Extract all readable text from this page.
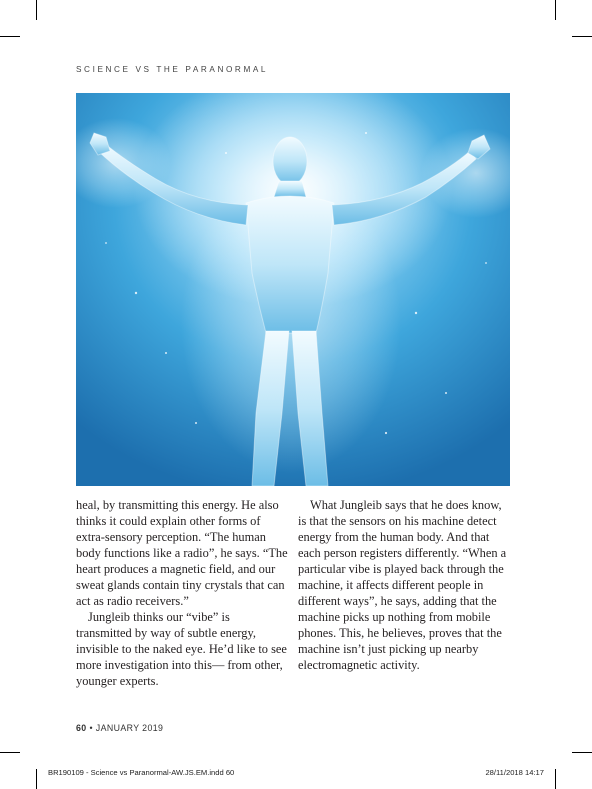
SCIENCE VS THE PARANORMAL

heal, by transmitting this energy. He also thinks it could explain other forms of extra-sensory perception. “The human body functions like a radio”, he says. “The heart produces a magnetic field, and our sweat glands contain tiny crystals that can act as radio receivers.”

Jungleib thinks our “vibe” is transmitted by way of subtle energy, invisible to the naked eye. He’d like to see more investigation into this— from other, younger experts.

What Jungleib says that he does know, is that the sensors on his machine detect energy from the human body. And that each person registers differently. “When a particular vibe is played back through the machine, it affects different people in different ways”, he says, adding that the machine picks up nothing from mobile phones. This, he believes, proves that the machine isn’t just picking up nearby electromagnetic activity.

60 • JANUARY 2019
BR190109 - Science vs Paranormal-AW.JS.EM.indd 60	28/11/2018 14:17
